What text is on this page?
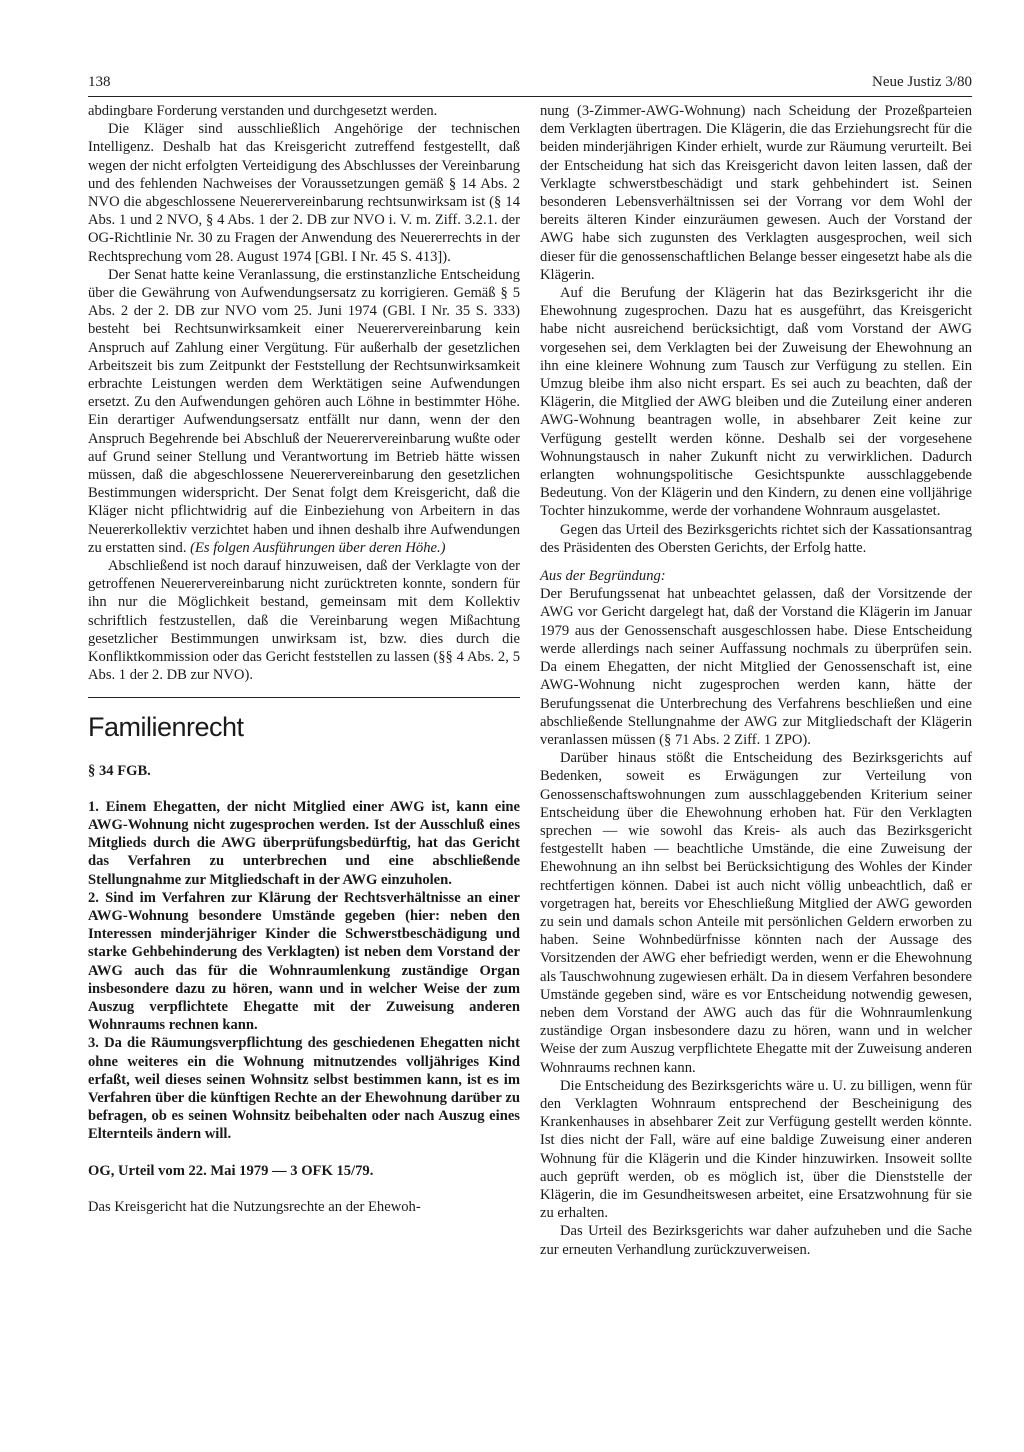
138	Neue Justiz 3/80

abdingbare Forderung verstanden und durchgesetzt werden.

Die Kläger sind ausschließlich Angehörige der technischen Intelligenz. Deshalb hat das Kreisgericht zutreffend festgestellt, daß wegen der nicht erfolgten Verteidigung des Abschlusses der Vereinbarung und des fehlenden Nachweises der Voraussetzungen gemäß § 14 Abs. 2 NVO die abgeschlossene Neuerervereinbarung rechtsunwirksam ist (§ 14 Abs. 1 und 2 NVO, § 4 Abs. 1 der 2. DB zur NVO i. V. m. Ziff. 3.2.1. der OG-Richtlinie Nr. 30 zu Fragen der Anwendung des Neuererrechts in der Rechtsprechung vom 28. August 1974 [GBl. I Nr. 45 S. 413]).

Der Senat hatte keine Veranlassung, die erstinstanzliche Entscheidung über die Gewährung von Aufwendungsersatz zu korrigieren. Gemäß § 5 Abs. 2 der 2. DB zur NVO vom 25. Juni 1974 (GBl. I Nr. 35 S. 333) besteht bei Rechtsunwirksamkeit einer Neuerervereinbarung kein Anspruch auf Zahlung einer Vergütung. Für außerhalb der gesetzlichen Arbeitszeit bis zum Zeitpunkt der Feststellung der Rechtsunwirksamkeit erbrachte Leistungen werden dem Werktätigen seine Aufwendungen ersetzt. Zu den Aufwendungen gehören auch Löhne in bestimmter Höhe. Ein derartiger Aufwendungsersatz entfällt nur dann, wenn der den Anspruch Begehrende bei Abschluß der Neuerervereinbarung wußte oder auf Grund seiner Stellung und Verantwortung im Betrieb hätte wissen müssen, daß die abgeschlossene Neuerervereinbarung den gesetzlichen Bestimmungen widerspricht. Der Senat folgt dem Kreisgericht, daß die Kläger nicht pflichtwidrig auf die Einbeziehung von Arbeitern in das Neuererkollektiv verzichtet haben und ihnen deshalb ihre Aufwendungen zu erstatten sind. (Es folgen Ausführungen über deren Höhe.)

Abschließend ist noch darauf hinzuweisen, daß der Verklagte von der getroffenen Neuerervereinbarung nicht zurücktreten konnte, sondern für ihn nur die Möglichkeit bestand, gemeinsam mit dem Kollektiv schriftlich festzustellen, daß die Vereinbarung wegen Mißachtung gesetzlicher Bestimmungen unwirksam ist, bzw. dies durch die Konfliktkommission oder das Gericht feststellen zu lassen (§§ 4 Abs. 2, 5 Abs. 1 der 2. DB zur NVO).

Familienrecht

§ 34 FGB.

1. Einem Ehegatten, der nicht Mitglied einer AWG ist, kann eine AWG-Wohnung nicht zugesprochen werden. Ist der Ausschluß eines Mitglieds durch die AWG überprüfungsbedürftig, hat das Gericht das Verfahren zu unterbrechen und eine abschließende Stellungnahme zur Mitgliedschaft in der AWG einzuholen.

2. Sind im Verfahren zur Klärung der Rechtsverhältnisse an einer AWG-Wohnung besondere Umstände gegeben (hier: neben den Interessen minderjähriger Kinder die Schwerstbeschädigung und starke Gehbehinderung des Verklagten) ist neben dem Vorstand der AWG auch das für die Wohnraumlenkung zuständige Organ insbesondere dazu zu hören, wann und in welcher Weise der zum Auszug verpflichtete Ehegatte mit der Zuweisung anderen Wohnraums rechnen kann.

3. Da die Räumungsverpflichtung des geschiedenen Ehegatten nicht ohne weiteres ein die Wohnung mitnutzendes volljähriges Kind erfaßt, weil dieses seinen Wohnsitz selbst bestimmen kann, ist es im Verfahren über die künftigen Rechte an der Ehewohnung darüber zu befragen, ob es seinen Wohnsitz beibehalten oder nach Auszug eines Elternteils ändern will.

OG, Urteil vom 22. Mai 1979 — 3 OFK 15/79.

Das Kreisgericht hat die Nutzungsrechte an der Ehewoh-

nung (3-Zimmer-AWG-Wohnung) nach Scheidung der Prozeßparteien dem Verklagten übertragen. Die Klägerin, die das Erziehungsrecht für die beiden minderjährigen Kinder erhielt, wurde zur Räumung verurteilt. Bei der Entscheidung hat sich das Kreisgericht davon leiten lassen, daß der Verklagte schwerstbeschädigt und stark gehbehindert ist. Seinen besonderen Lebensverhältnissen sei der Vorrang vor dem Wohl der bereits älteren Kinder einzuräumen gewesen. Auch der Vorstand der AWG habe sich zugunsten des Verklagten ausgesprochen, weil sich dieser für die genossenschaftlichen Belange besser eingesetzt habe als die Klägerin.

Auf die Berufung der Klägerin hat das Bezirksgericht ihr die Ehewohnung zugesprochen. Dazu hat es ausgeführt, das Kreisgericht habe nicht ausreichend berücksichtigt, daß vom Vorstand der AWG vorgesehen sei, dem Verklagten bei der Zuweisung der Ehewohnung an ihn eine kleinere Wohnung zum Tausch zur Verfügung zu stellen. Ein Umzug bleibe ihm also nicht erspart. Es sei auch zu beachten, daß der Klägerin, die Mitglied der AWG bleiben und die Zuteilung einer anderen AWG-Wohnung beantragen wolle, in absehbarer Zeit keine zur Verfügung gestellt werden könne. Deshalb sei der vorgesehene Wohnungstausch in naher Zukunft nicht zu verwirklichen. Dadurch erlangten wohnungspolitische Gesichtspunkte ausschlaggebende Bedeutung. Von der Klägerin und den Kindern, zu denen eine volljährige Tochter hinzukomme, werde der vorhandene Wohnraum ausgelastet.

Gegen das Urteil des Bezirksgerichts richtet sich der Kassationsantrag des Präsidenten des Obersten Gerichts, der Erfolg hatte.

Aus der Begründung:

Der Berufungssenat hat unbeachtet gelassen, daß der Vorsitzende der AWG vor Gericht dargelegt hat, daß der Vorstand die Klägerin im Januar 1979 aus der Genossenschaft ausgeschlossen habe. Diese Entscheidung werde allerdings nach seiner Auffassung nochmals zu überprüfen sein. Da einem Ehegatten, der nicht Mitglied der Genossenschaft ist, eine AWG-Wohnung nicht zugesprochen werden kann, hätte der Berufungssenat die Unterbrechung des Verfahrens beschließen und eine abschließende Stellungnahme der AWG zur Mitgliedschaft der Klägerin veranlassen müssen (§ 71 Abs. 2 Ziff. 1 ZPO).

Darüber hinaus stößt die Entscheidung des Bezirksgerichts auf Bedenken, soweit es Erwägungen zur Verteilung von Genossenschaftswohnungen zum ausschlaggebenden Kriterium seiner Entscheidung über die Ehewohnung erhoben hat. Für den Verklagten sprechen — wie sowohl das Kreis- als auch das Bezirksgericht festgestellt haben — beachtliche Umstände, die eine Zuweisung der Ehewohnung an ihn selbst bei Berücksichtigung des Wohles der Kinder rechtfertigen können. Dabei ist auch nicht völlig unbeachtlich, daß er vorgetragen hat, bereits vor Eheschließung Mitglied der AWG geworden zu sein und damals schon Anteile mit persönlichen Geldern erworben zu haben. Seine Wohnbedürfnisse könnten nach der Aussage des Vorsitzenden der AWG eher befriedigt werden, wenn er die Ehewohnung als Tauschwohnung zugewiesen erhält. Da in diesem Verfahren besondere Umstände gegeben sind, wäre es vor Entscheidung notwendig gewesen, neben dem Vorstand der AWG auch das für die Wohnraumlenkung zuständige Organ insbesondere dazu zu hören, wann und in welcher Weise der zum Auszug verpflichtete Ehegatte mit der Zuweisung anderen Wohnraums rechnen kann.

Die Entscheidung des Bezirksgerichts wäre u. U. zu billigen, wenn für den Verklagten Wohnraum entsprechend der Bescheinigung des Krankenhauses in absehbarer Zeit zur Verfügung gestellt werden könnte. Ist dies nicht der Fall, wäre auf eine baldige Zuweisung einer anderen Wohnung für die Klägerin und die Kinder hinzuwirken. Insoweit sollte auch geprüft werden, ob es möglich ist, über die Dienststelle der Klägerin, die im Gesundheitswesen arbeitet, eine Ersatzwohnung für sie zu erhalten.

Das Urteil des Bezirksgerichts war daher aufzuheben und die Sache zur erneuten Verhandlung zurückzuverweisen.
